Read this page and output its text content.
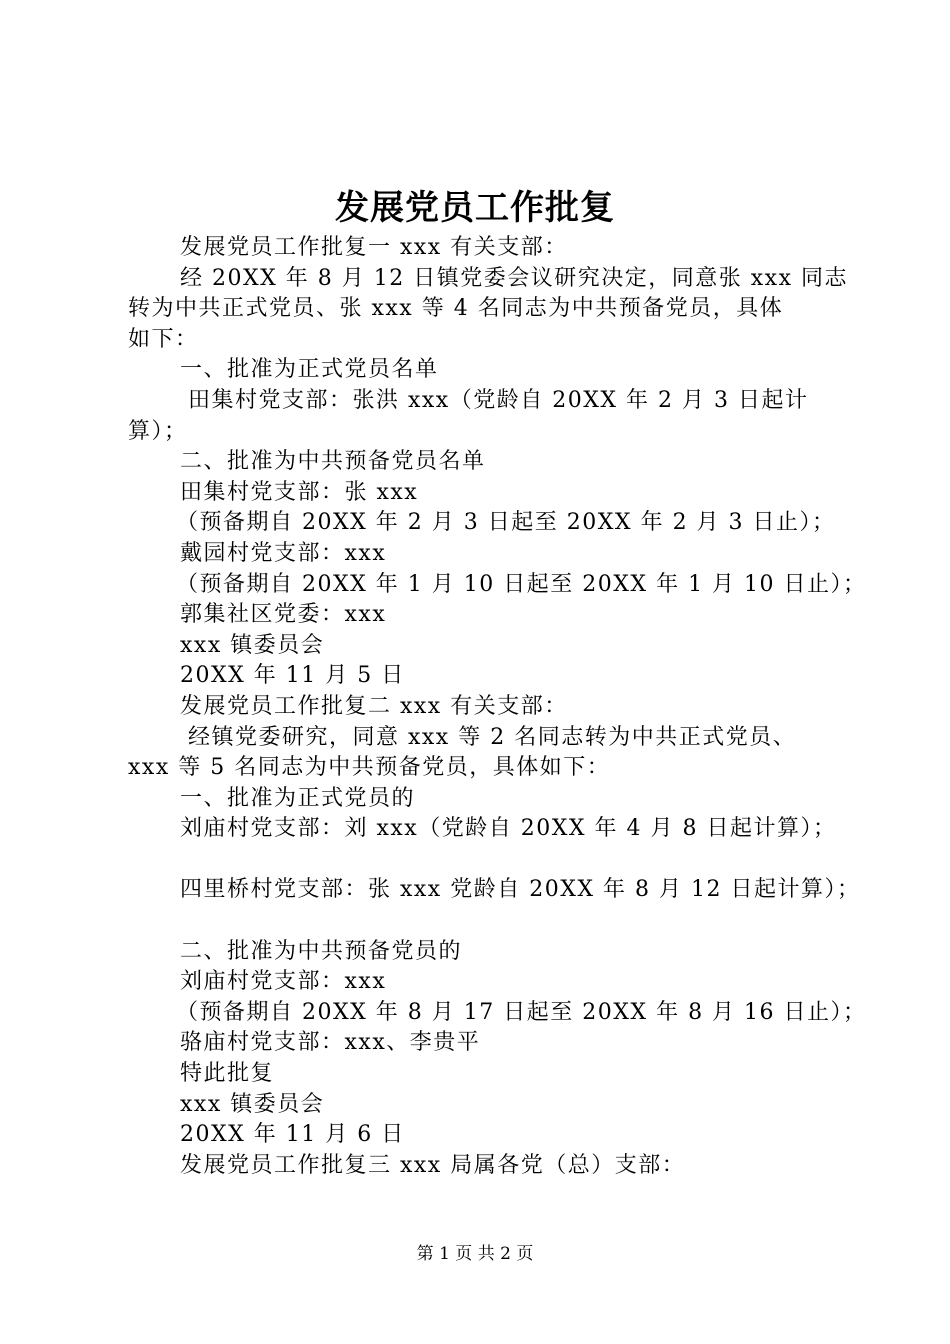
发展党员工作批复
发展党员工作批复一 xxx 有关支部：
经 20XX 年 8 月 12 日镇党委会议研究决定，同意张 xxx 同志
转为中共正式党员、张 xxx 等 4 名同志为中共预备党员，具体
如下：
一、批准为正式党员名单
田集村党支部：张洪 xxx（党龄自 20XX 年 2 月 3 日起计
算）；
二、批准为中共预备党员名单
田集村党支部：张 xxx
（预备期自 20XX 年 2 月 3 日起至 20XX 年 2 月 3 日止）；
戴园村党支部：xxx
（预备期自 20XX 年 1 月 10 日起至 20XX 年 1 月 10 日止）；
郭集社区党委：xxx
xxx 镇委员会
20XX 年 11 月 5 日
发展党员工作批复二 xxx 有关支部：
经镇党委研究，同意 xxx 等 2 名同志转为中共正式党员、
xxx 等 5 名同志为中共预备党员，具体如下：
一、批准为正式党员的
刘庙村党支部：刘 xxx（党龄自 20XX 年 4 月 8 日起计算）；
四里桥村党支部：张 xxx 党龄自 20XX 年 8 月 12 日起计算）；
二、批准为中共预备党员的
刘庙村党支部：xxx
（预备期自 20XX 年 8 月 17 日起至 20XX 年 8 月 16 日止）；
骆庙村党支部：xxx、李贵平
特此批复
xxx 镇委员会
20XX 年 11 月 6 日
发展党员工作批复三 xxx 局属各党（总）支部：
第 1 页 共 2 页
